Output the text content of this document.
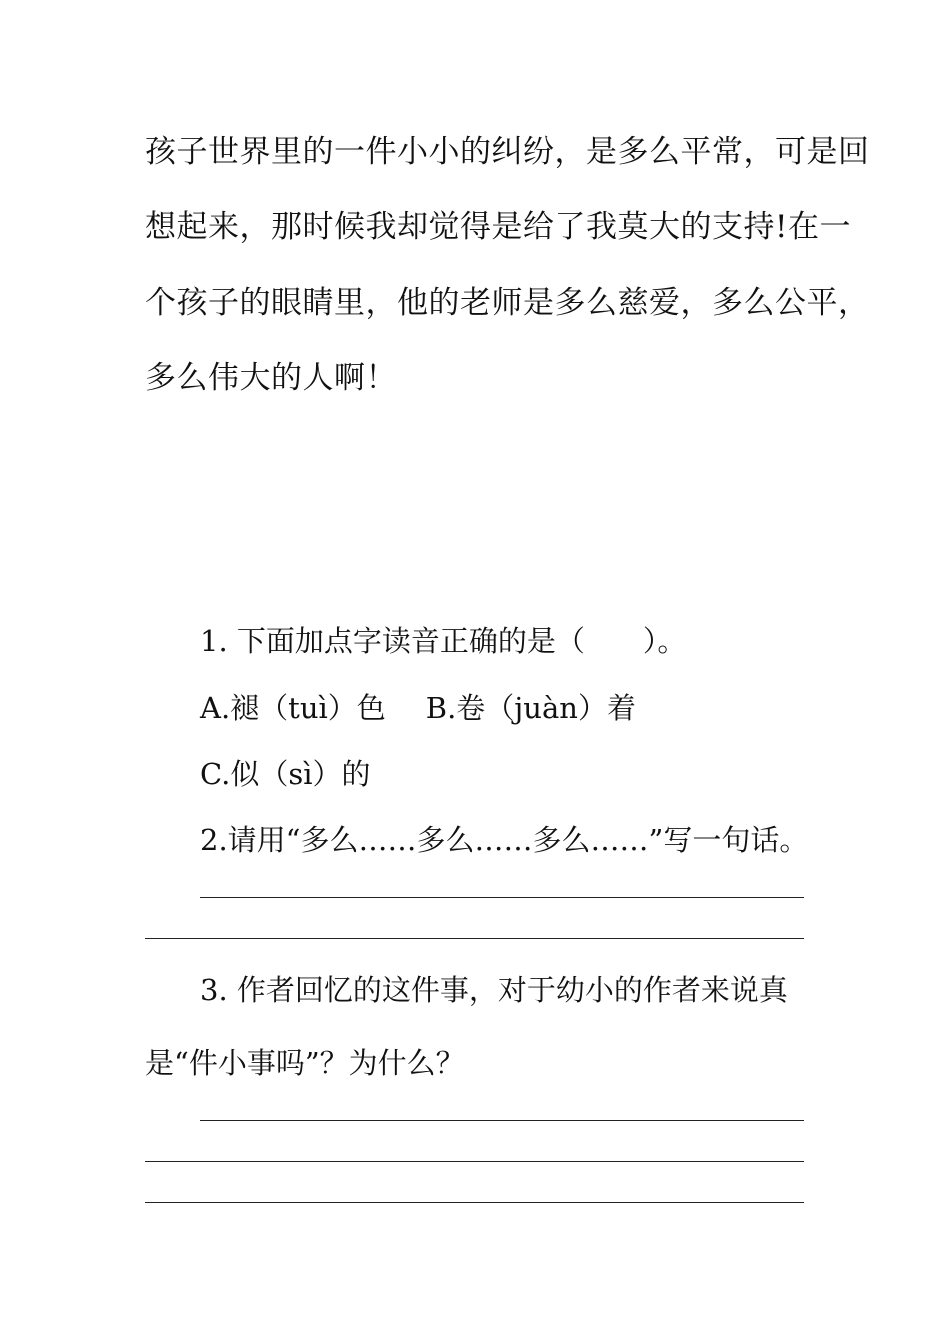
孩子世界里的一件小小的纠纷，是多么平常，可是回
想起来，那时候我却觉得是给了我莫大的支持!在一
个孩子的眼睛里，他的老师是多么慈爱，多么公平，
多么伟大的人啊！
1. 下面加点字读音正确的是（　　）。
A.褪（tuì）色 B.卷（juàn）着
C.似（sì）的
2.请用“多么……多么……多么……”写一句话。
3. 作者回忆的这件事，对于幼小的作者来说真
是“件小事吗”？为什么？
